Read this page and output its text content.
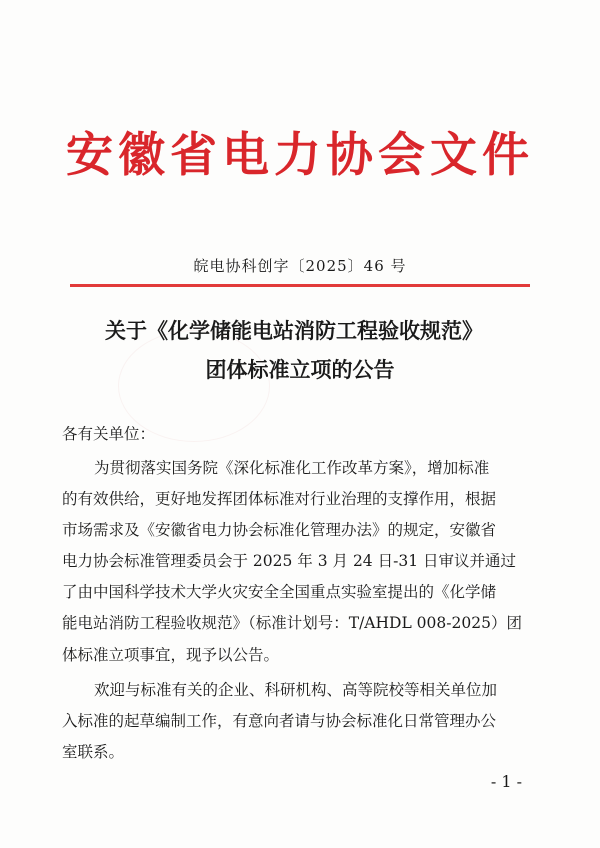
安徽省电力协会文件
皖电协科创字〔2025〕46 号
关于《化学储能电站消防工程验收规范》
团体标准立项的公告
各有关单位：
为贯彻落实国务院《深化标准化工作改革方案》，增加标准
的有效供给，更好地发挥团体标准对行业治理的支撑作用，根据
市场需求及《安徽省电力协会标准化管理办法》的规定，安徽省
电力协会标准管理委员会于 2025 年 3 月 24 日-31 日审议并通过
了由中国科学技术大学火灾安全全国重点实验室提出的《化学储
能电站消防工程验收规范》（标准计划号：T/AHDL 008-2025）团
体标准立项事宜，现予以公告。
欢迎与标准有关的企业、科研机构、高等院校等相关单位加
入标准的起草编制工作，有意向者请与协会标准化日常管理办公
室联系。
- 1 -
